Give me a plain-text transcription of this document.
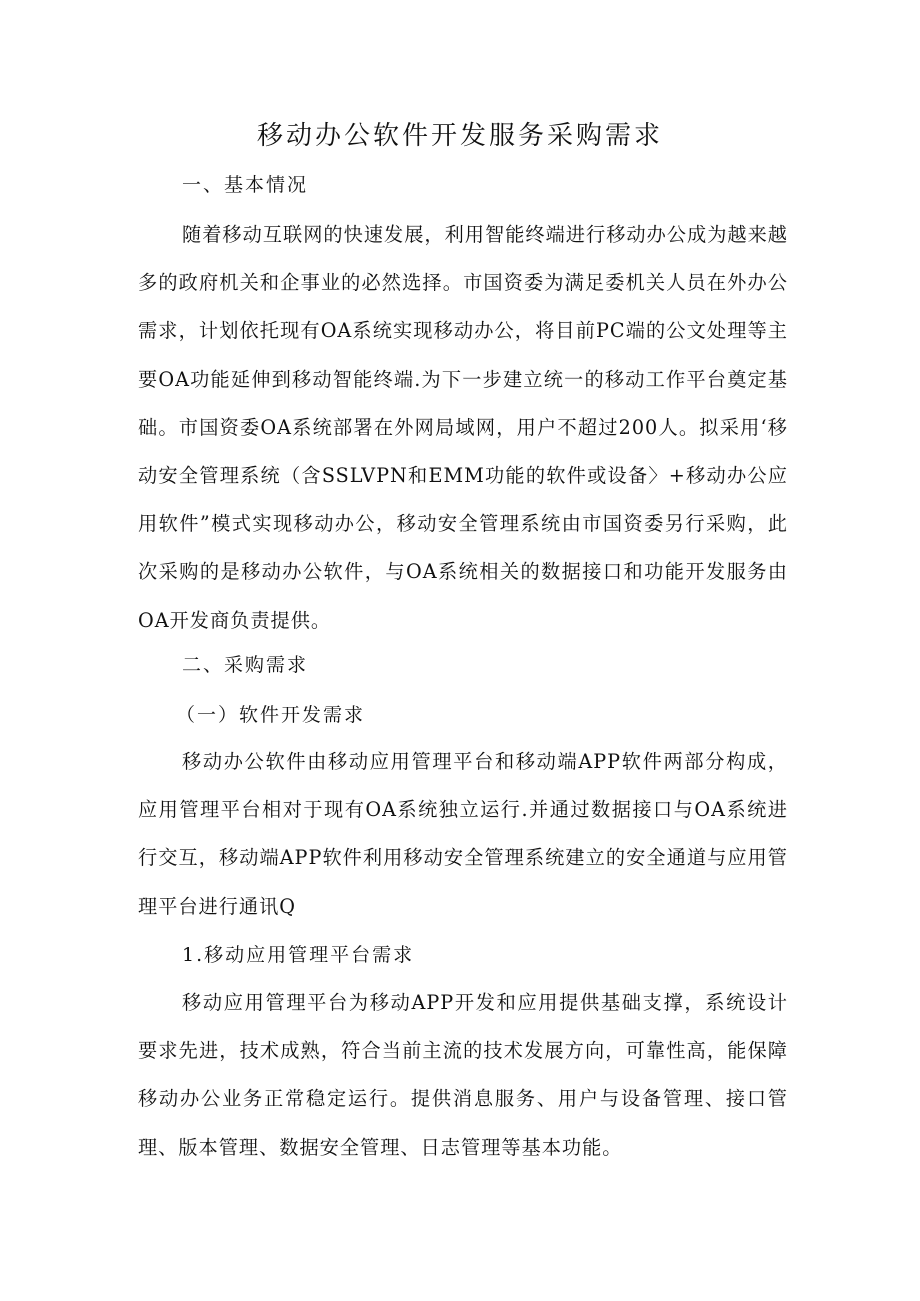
移动办公软件开发服务采购需求
一、基本情况

随着移动互联网的快速发展，利用智能终端进行移动办公成为越来越多的政府机关和企事业的必然选择。市国资委为满足委机关人员在外办公需求，计划依托现有OA系统实现移动办公，将目前PC端的公文处理等主要OA功能延伸到移动智能终端.为下一步建立统一的移动工作平台奠定基础。市国资委OA系统部署在外网局域网，用户不超过200人。拟采用‘移动安全管理系统（含SSLVPN和EMM功能的软件或设备〉+移动办公应用软件”模式实现移动办公，移动安全管理系统由市国资委另行采购，此次采购的是移动办公软件，与OA系统相关的数据接口和功能开发服务由OA开发商负责提供。

二、采购需求
（一）软件开发需求

移动办公软件由移动应用管理平台和移动端APP软件两部分构成，应用管理平台相对于现有OA系统独立运行.并通过数据接口与OA系统进行交互，移动端APP软件利用移动安全管理系统建立的安全通道与应用管理平台进行通讯Q

1.移动应用管理平台需求

移动应用管理平台为移动APP开发和应用提供基础支撑，系统设计要求先进，技术成熟，符合当前主流的技术发展方向，可靠性高，能保障移动办公业务正常稳定运行。提供消息服务、用户与设备管理、接口管理、版本管理、数据安全管理、日志管理等基本功能。
